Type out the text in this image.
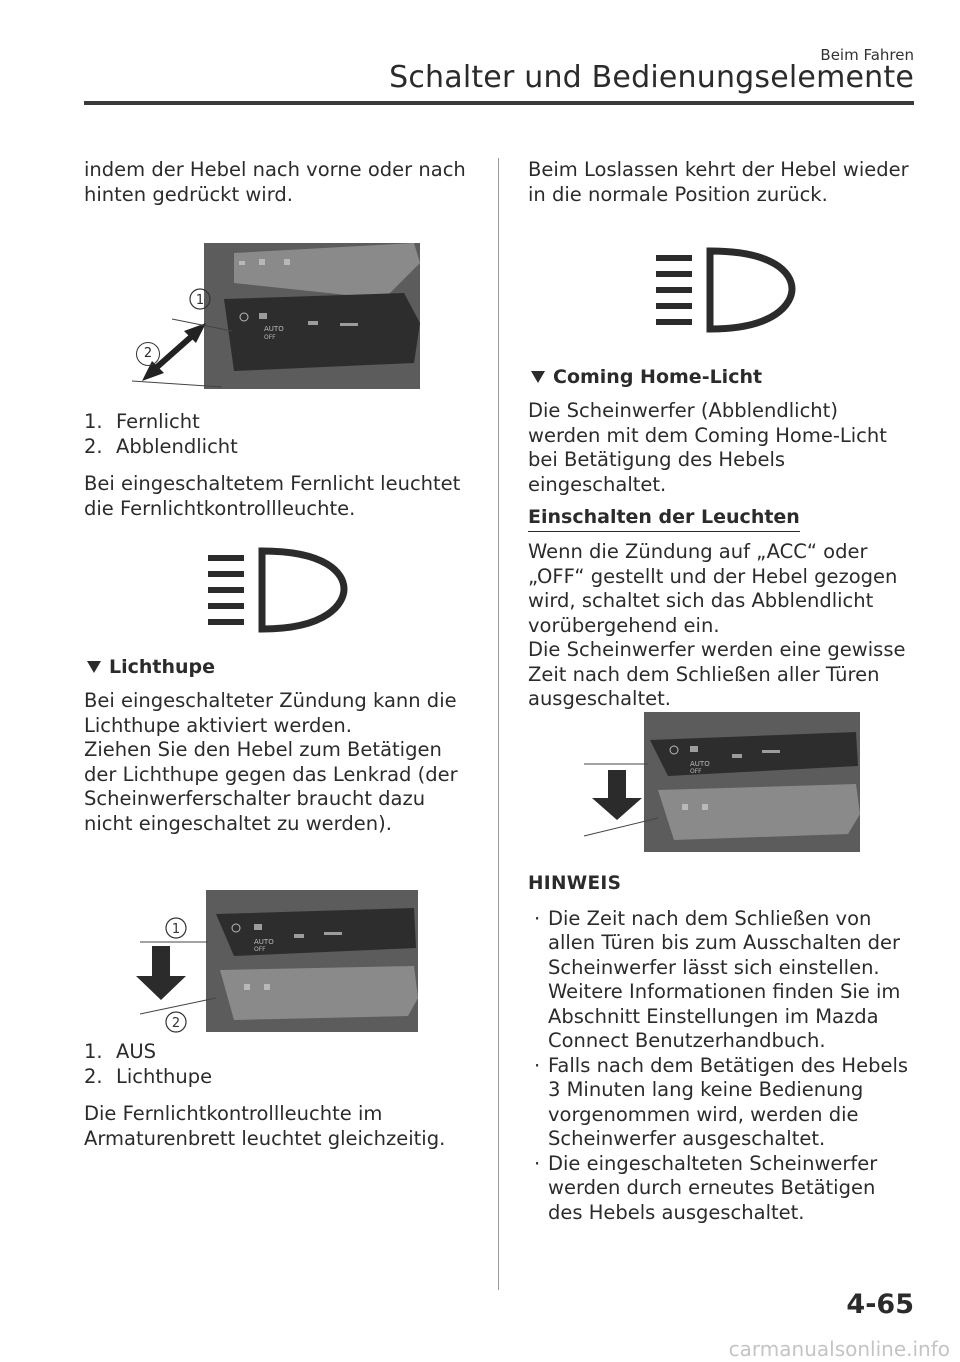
Beim Fahren
Schalter und Bedienungselemente

indem der Hebel nach vorne oder nach hinten gedrückt wird.

AUTO
OFF
1
1. Fernlicht
2. Abblendlicht

Bei eingeschaltetem Fernlicht leuchtet die Fernlichtkontrollleuchte.

Lichthupe

Bei eingeschalteter Zündung kann die Lichthupe aktiviert werden.

Ziehen Sie den Hebel zum Betätigen der Lichthupe gegen das Lenkrad (der Scheinwerferschalter braucht dazu nicht eingeschaltet zu werden).

AUTO
OFF
1
2
2
1. AUS
2. Lichthupe

Die Fernlichtkontrollleuchte im Armaturenbrett leuchtet gleichzeitig.

Beim Loslassen kehrt der Hebel wieder in die normale Position zurück.

Coming Home-Licht

Die Scheinwerfer (Abblendlicht) werden mit dem Coming Home-Licht bei Betätigung des Hebels eingeschaltet.

Einschalten der Leuchten

Wenn die Zündung auf „ACC“ oder „OFF“ gestellt und der Hebel gezogen wird, schaltet sich das Abblendlicht vorübergehend ein.

Die Scheinwerfer werden eine gewisse Zeit nach dem Schließen aller Türen ausgeschaltet.

AUTO
OFF
HINWEIS
· Die Zeit nach dem Schließen von allen Türen bis zum Ausschalten der Scheinwerfer lässt sich einstellen. Weitere Informationen finden Sie im Abschnitt Einstellungen im Mazda Connect Benutzerhandbuch.
· Falls nach dem Betätigen des Hebels 3 Minuten lang keine Bedienung vorgenommen wird, werden die Scheinwerfer ausgeschaltet.
· Die eingeschalteten Scheinwerfer werden durch erneutes Betätigen des Hebels ausgeschaltet.
4-65
carmanualsonline.info
